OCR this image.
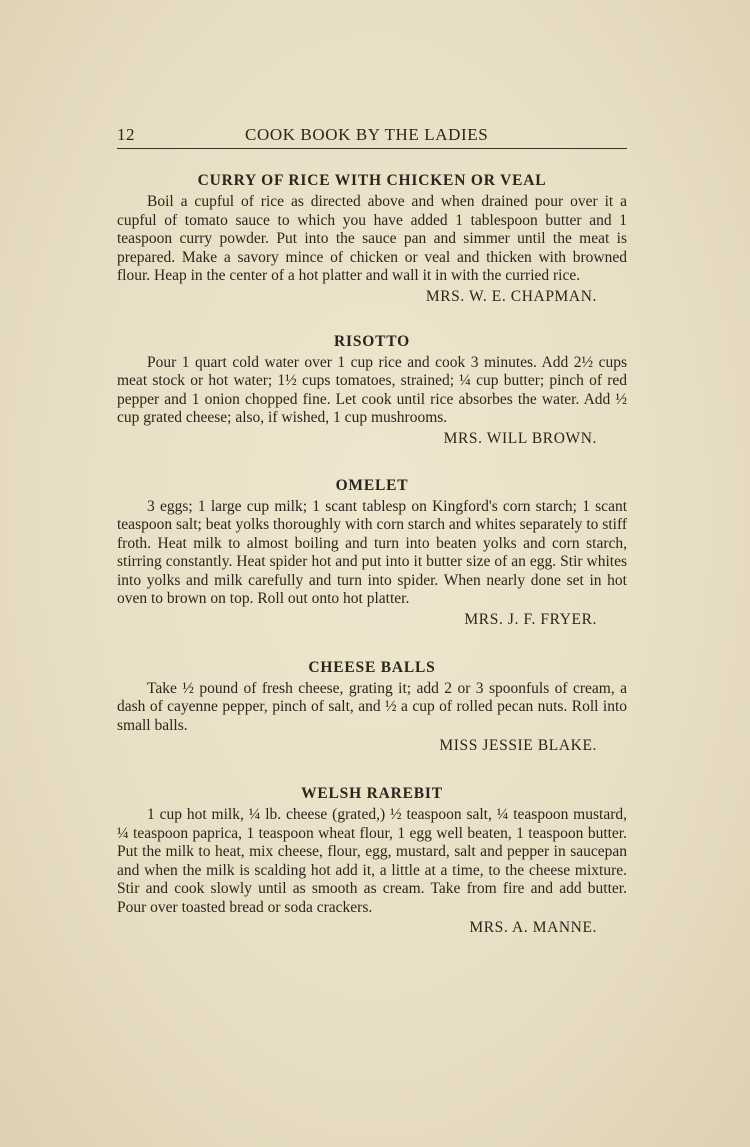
12	COOK BOOK BY THE LADIES

CURRY OF RICE WITH CHICKEN OR VEAL

Boil a cupful of rice as directed above and when drained pour over it a cupful of tomato sauce to which you have added 1 tablespoon butter and 1 teaspoon curry powder. Put into the sauce pan and simmer until the meat is prepared. Make a savory mince of chicken or veal and thicken with browned flour. Heap in the center of a hot platter and wall it in with the curried rice.

MRS. W. E. CHAPMAN.

RISOTTO

Pour 1 quart cold water over 1 cup rice and cook 3 minutes. Add 2½ cups meat stock or hot water; 1½ cups tomatoes, strained; ¼ cup butter; pinch of red pepper and 1 onion chopped fine. Let cook until rice absorbes the water. Add ½ cup grated cheese; also, if wished, 1 cup mushrooms.

MRS. WILL BROWN.

OMELET

3 eggs; 1 large cup milk; 1 scant tablesp on Kingford's corn starch; 1 scant teaspoon salt; beat yolks thoroughly with corn starch and whites separately to stiff froth. Heat milk to almost boiling and turn into beaten yolks and corn starch, stirring constantly. Heat spider hot and put into it butter size of an egg. Stir whites into yolks and milk carefully and turn into spider. When nearly done set in hot oven to brown on top. Roll out onto hot platter.

MRS. J. F. FRYER.

CHEESE BALLS

Take ½ pound of fresh cheese, grating it; add 2 or 3 spoonfuls of cream, a dash of cayenne pepper, pinch of salt, and ½ a cup of rolled pecan nuts. Roll into small balls.

MISS JESSIE BLAKE.

WELSH RAREBIT

1 cup hot milk, ¼ lb. cheese (grated,) ½ teaspoon salt, ¼ teaspoon mustard, ¼ teaspoon paprica, 1 teaspoon wheat flour, 1 egg well beaten, 1 teaspoon butter. Put the milk to heat, mix cheese, flour, egg, mustard, salt and pepper in saucepan and when the milk is scalding hot add it, a little at a time, to the cheese mixture. Stir and cook slowly until as smooth as cream. Take from fire and add butter. Pour over toasted bread or soda crackers.

MRS. A. MANNE.
